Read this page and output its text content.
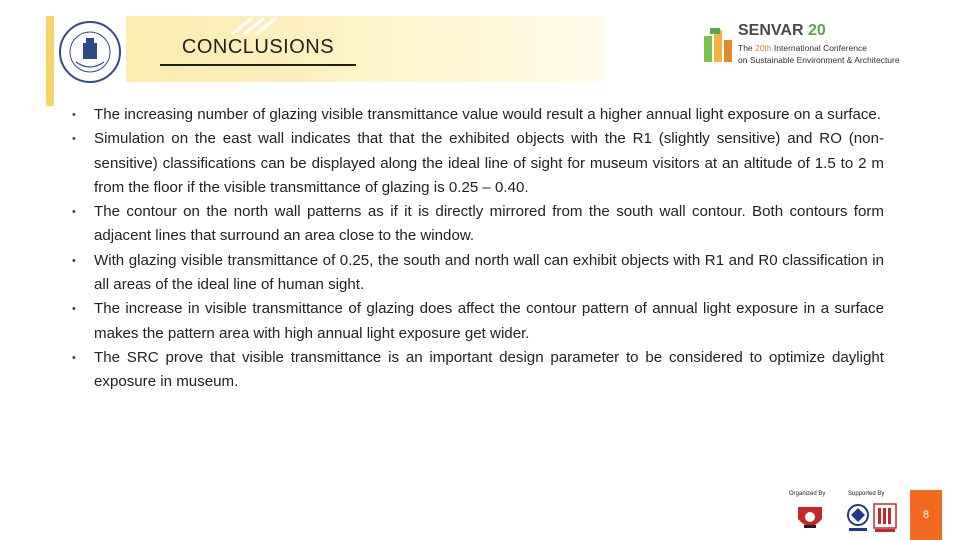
CONCLUSIONS
SENVAR 20
The 20th International Conference
on Sustainable Environment & Architecture
• The increasing number of glazing visible transmittance value would result a higher annual light exposure on a surface.
• Simulation on the east wall indicates that that the exhibited objects with the R1 (slightly sensitive) and RO (non-sensitive) classifications can be displayed along the ideal line of sight for museum visitors at an altitude of 1.5 to 2 m from the floor if the visible transmittance of glazing is 0.25 – 0.40.
• The contour on the north wall patterns as if it is directly mirrored from the south wall contour. Both contours form adjacent lines that surround an area close to the window.
• With glazing visible transmittance of 0.25, the south and north wall can exhibit objects with R1 and R0 classification in all areas of the ideal line of human sight.
• The increase in visible transmittance of glazing does affect the contour pattern of annual light exposure in a surface makes the pattern area with high annual light exposure get wider.
• The SRC prove that visible transmittance is an important design parameter to be considered to optimize daylight exposure in museum.
Organized By	Supported By
8
